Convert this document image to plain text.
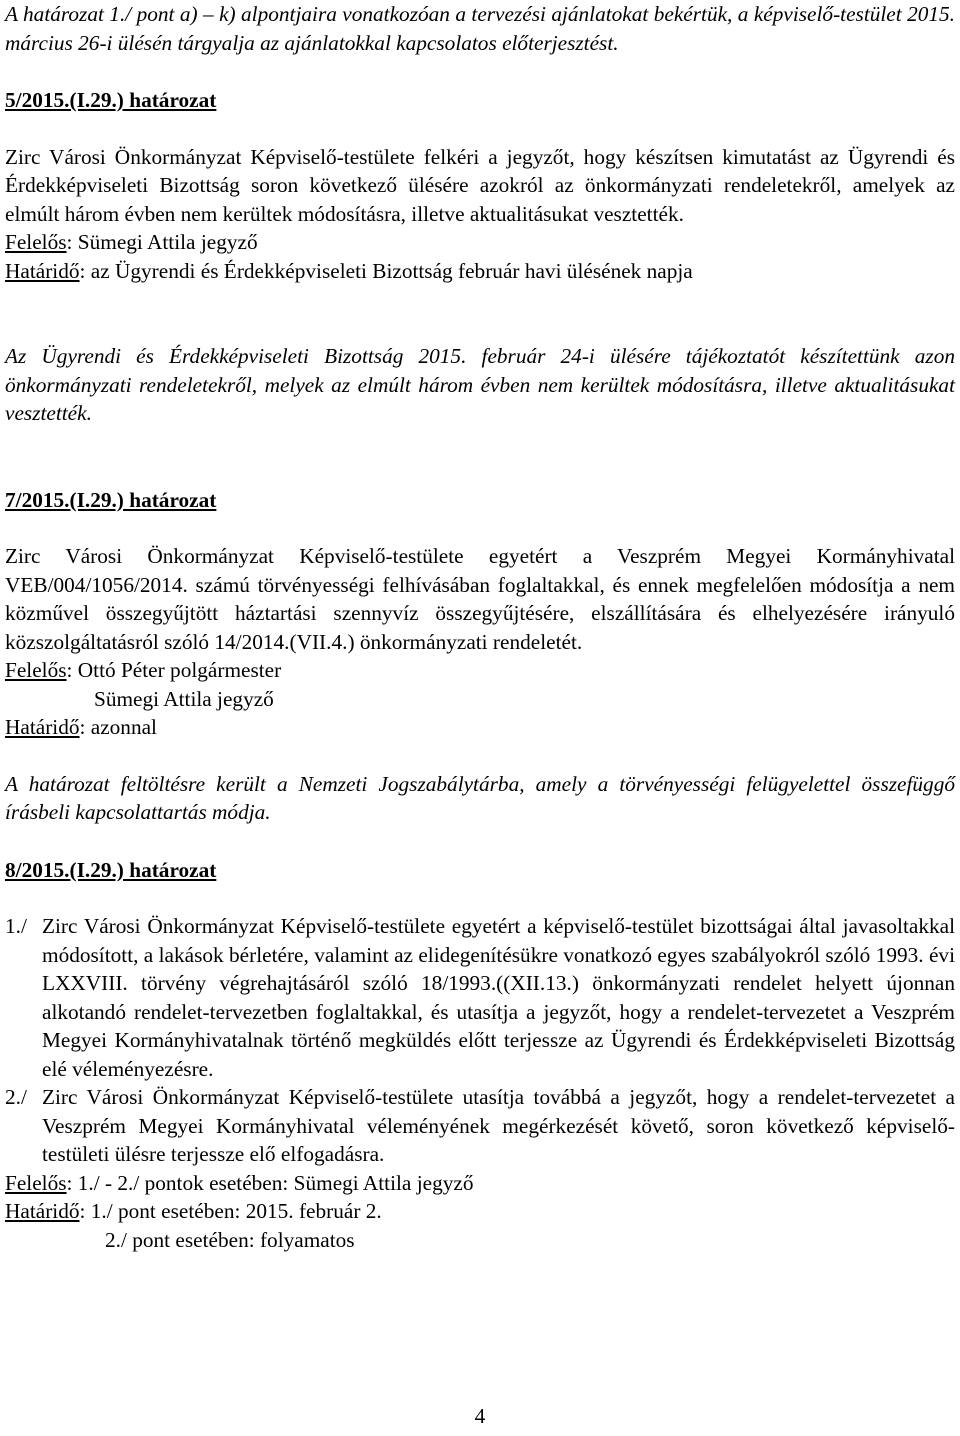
A határozat 1./ pont a) – k) alpontjaira vonatkozóan a tervezési ajánlatokat bekértük, a képviselő-testület 2015. március 26-i ülésén tárgyalja az ajánlatokkal kapcsolatos előterjesztést.

5/2015.(I.29.) határozat

Zirc Városi Önkormányzat Képviselő-testülete felkéri a jegyzőt, hogy készítsen kimutatást az Ügyrendi és Érdekképviseleti Bizottság soron következő ülésére azokról az önkormányzati rendeletekről, amelyek az elmúlt három évben nem kerültek módosításra, illetve aktualitásukat vesztették.

Felelős: Sümegi Attila jegyző

Határidő: az Ügyrendi és Érdekképviseleti Bizottság február havi ülésének napja

Az Ügyrendi és Érdekképviseleti Bizottság 2015. február 24-i ülésére tájékoztatót készítettünk azon önkormányzati rendeletekről, melyek az elmúlt három évben nem kerültek módosításra, illetve aktualitásukat vesztették.

7/2015.(I.29.) határozat

Zirc Városi Önkormányzat Képviselő-testülete egyetért a Veszprém Megyei Kormányhivatal VEB/004/1056/2014. számú törvényességi felhívásában foglaltakkal, és ennek megfelelően módosítja a nem közművel összegyűjtött háztartási szennyvíz összegyűjtésére, elszállítására és elhelyezésére irányuló közszolgáltatásról szóló 14/2014.(VII.4.) önkormányzati rendeletét.

Felelős: Ottó Péter polgármester

Sümegi Attila jegyző

Határidő: azonnal

A határozat feltöltésre került a Nemzeti Jogszabálytárba, amely a törvényességi felügyelettel összefüggő írásbeli kapcsolattartás módja.

8/2015.(I.29.) határozat

1./ Zirc Városi Önkormányzat Képviselő-testülete egyetért a képviselő-testület bizottságai által javasoltakkal módosított, a lakások bérletére, valamint az elidegenítésükre vonatkozó egyes szabályokról szóló 1993. évi LXXVIII. törvény végrehajtásáról szóló 18/1993.((XII.13.) önkormányzati rendelet helyett újonnan alkotandó rendelet-tervezetben foglaltakkal, és utasítja a jegyzőt, hogy a rendelet-tervezetet a Veszprém Megyei Kormányhivatalnak történő megküldés előtt terjessze az Ügyrendi és Érdekképviseleti Bizottság elé véleményezésre.
2./ Zirc Városi Önkormányzat Képviselő-testülete utasítja továbbá a jegyzőt, hogy a rendelet-tervezetet a Veszprém Megyei Kormányhivatal véleményének megérkezését követő, soron következő képviselő-testületi ülésre terjessze elő elfogadásra.

Felelős: 1./ - 2./ pontok esetében: Sümegi Attila jegyző

Határidő: 1./ pont esetében: 2015. február 2.

2./ pont esetében: folyamatos

4
